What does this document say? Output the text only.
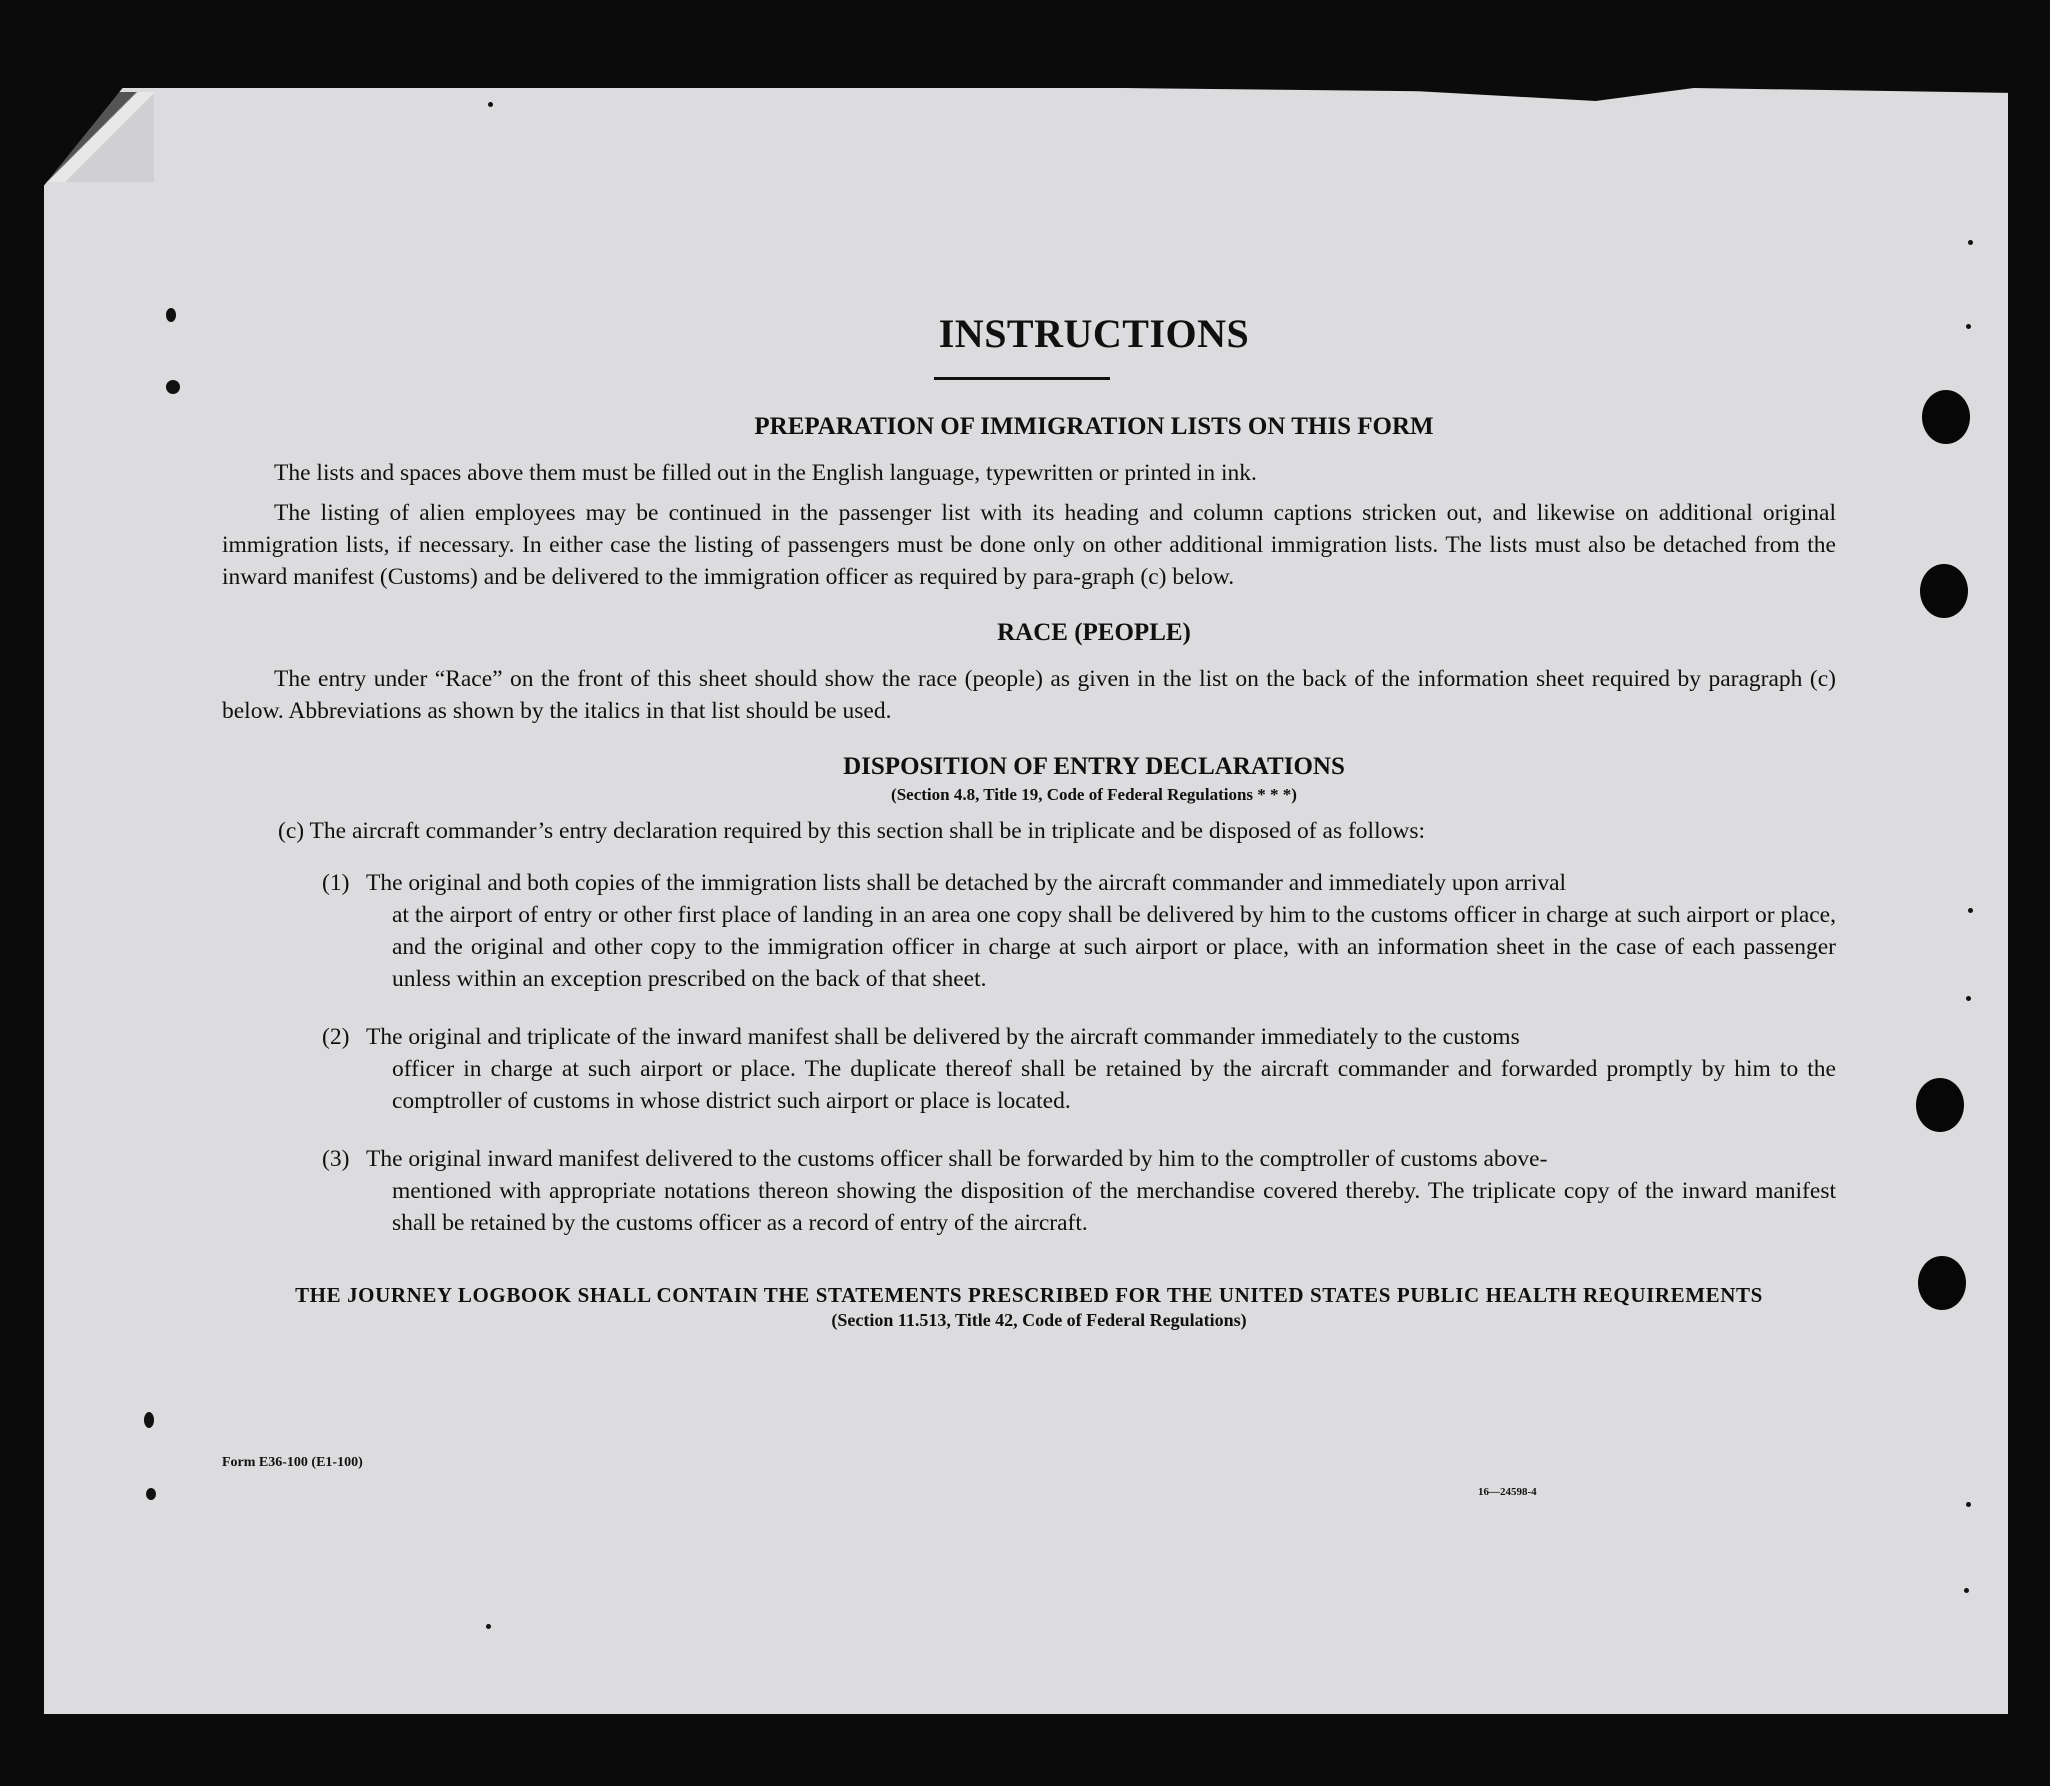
INSTRUCTIONS
PREPARATION OF IMMIGRATION LISTS ON THIS FORM

The lists and spaces above them must be filled out in the English language, typewritten or printed in ink.

The listing of alien employees may be continued in the passenger list with its heading and column captions stricken out, and likewise on additional original immigration lists, if necessary. In either case the listing of passengers must be done only on other additional immigration lists. The lists must also be detached from the inward manifest (Customs) and be delivered to the immigration officer as required by para-graph (c) below.

RACE (PEOPLE)

The entry under “Race” on the front of this sheet should show the race (people) as given in the list on the back of the information sheet required by paragraph (c) below. Abbreviations as shown by the italics in that list should be used.

DISPOSITION OF ENTRY DECLARATIONS
(Section 4.8, Title 19, Code of Federal Regulations * * *)

(c) The aircraft commander’s entry declaration required by this section shall be in triplicate and be disposed of as follows:

(1) The original and both copies of the immigration lists shall be detached by the aircraft commander and immediately upon arrival
at the airport of entry or other first place of landing in an area one copy shall be delivered by him to the customs officer in charge at such airport or place, and the original and other copy to the immigration officer in charge at such airport or place, with an information sheet in the case of each passenger unless within an exception prescribed on the back of that sheet.
(2) The original and triplicate of the inward manifest shall be delivered by the aircraft commander immediately to the customs
officer in charge at such airport or place. The duplicate thereof shall be retained by the aircraft commander and forwarded promptly by him to the comptroller of customs in whose district such airport or place is located.
(3) The original inward manifest delivered to the customs officer shall be forwarded by him to the comptroller of customs above-
mentioned with appropriate notations thereon showing the disposition of the merchandise covered thereby. The triplicate copy of the inward manifest shall be retained by the customs officer as a record of entry of the aircraft.
THE JOURNEY LOGBOOK SHALL CONTAIN THE STATEMENTS PRESCRIBED FOR THE UNITED STATES PUBLIC HEALTH REQUIREMENTS
(Section 11.513, Title 42, Code of Federal Regulations)
Form E36-100 (E1-100)
16—24598-4
